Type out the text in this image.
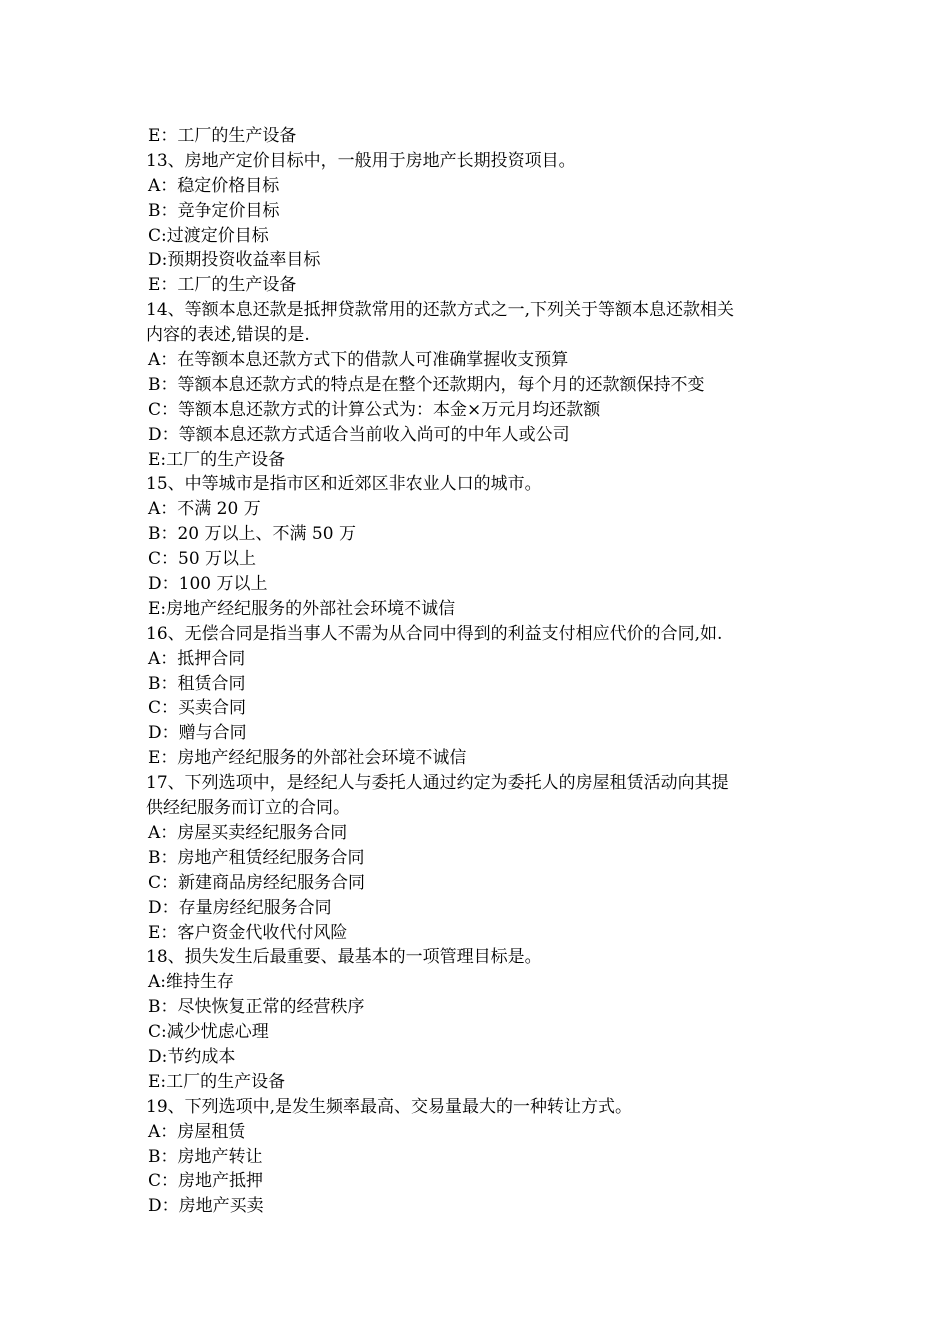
E：工厂的生产设备
13、房地产定价目标中，一般用于房地产长期投资项目。
A：稳定价格目标
B：竞争定价目标
C:过渡定价目标
D:预期投资收益率目标
E：工厂的生产设备
14、等额本息还款是抵押贷款常用的还款方式之一,下列关于等额本息还款相关
内容的表述,错误的是.
A：在等额本息还款方式下的借款人可准确掌握收支预算
B：等额本息还款方式的特点是在整个还款期内，每个月的还款额保持不变
C：等额本息还款方式的计算公式为：本金×万元月均还款额
D：等额本息还款方式适合当前收入尚可的中年人或公司
E:工厂的生产设备
15、中等城市是指市区和近郊区非农业人口的城市。
A：不满 20 万
B：20 万以上、不满 50 万
C：50 万以上
D：100 万以上
E:房地产经纪服务的外部社会环境不诚信
16、无偿合同是指当事人不需为从合同中得到的利益支付相应代价的合同,如.
A：抵押合同
B：租赁合同
C：买卖合同
D：赠与合同
E：房地产经纪服务的外部社会环境不诚信
17、下列选项中，是经纪人与委托人通过约定为委托人的房屋租赁活动向其提
供经纪服务而订立的合同。
A：房屋买卖经纪服务合同
B：房地产租赁经纪服务合同
C：新建商品房经纪服务合同
D：存量房经纪服务合同
E：客户资金代收代付风险
18、损失发生后最重要、最基本的一项管理目标是。
A:维持生存
B：尽快恢复正常的经营秩序
C:减少忧虑心理
D:节约成本
E:工厂的生产设备
19、下列选项中,是发生频率最高、交易量最大的一种转让方式。
A：房屋租赁
B：房地产转让
C：房地产抵押
D：房地产买卖
